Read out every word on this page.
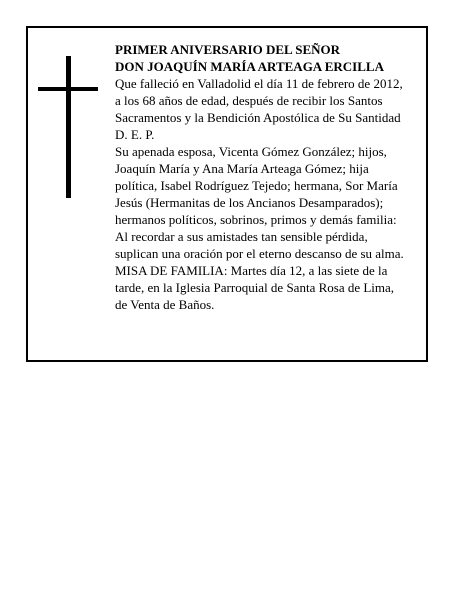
PRIMER ANIVERSARIO DEL SEÑOR
DON JOAQUÍN MARÍA ARTEAGA ERCILLA
Que falleció en Valladolid el día 11 de febrero de 2012,
a los 68 años de edad, después de recibir los Santos
Sacramentos y la Bendición Apostólica de Su Santidad
D. E. P.
Su apenada esposa, Vicenta Gómez González; hijos,
Joaquín María y Ana María Arteaga Gómez; hija
política, Isabel Rodríguez Tejedo; hermana, Sor María
Jesús (Hermanitas de los Ancianos Desamparados);
hermanos políticos, sobrinos, primos y demás familia:
Al recordar a sus amistades tan sensible pérdida,
suplican una oración por el eterno descanso de su alma.
MISA DE FAMILIA: Martes día 12, a las siete de la
tarde, en la Iglesia Parroquial de Santa Rosa de Lima,
de Venta de Baños.
